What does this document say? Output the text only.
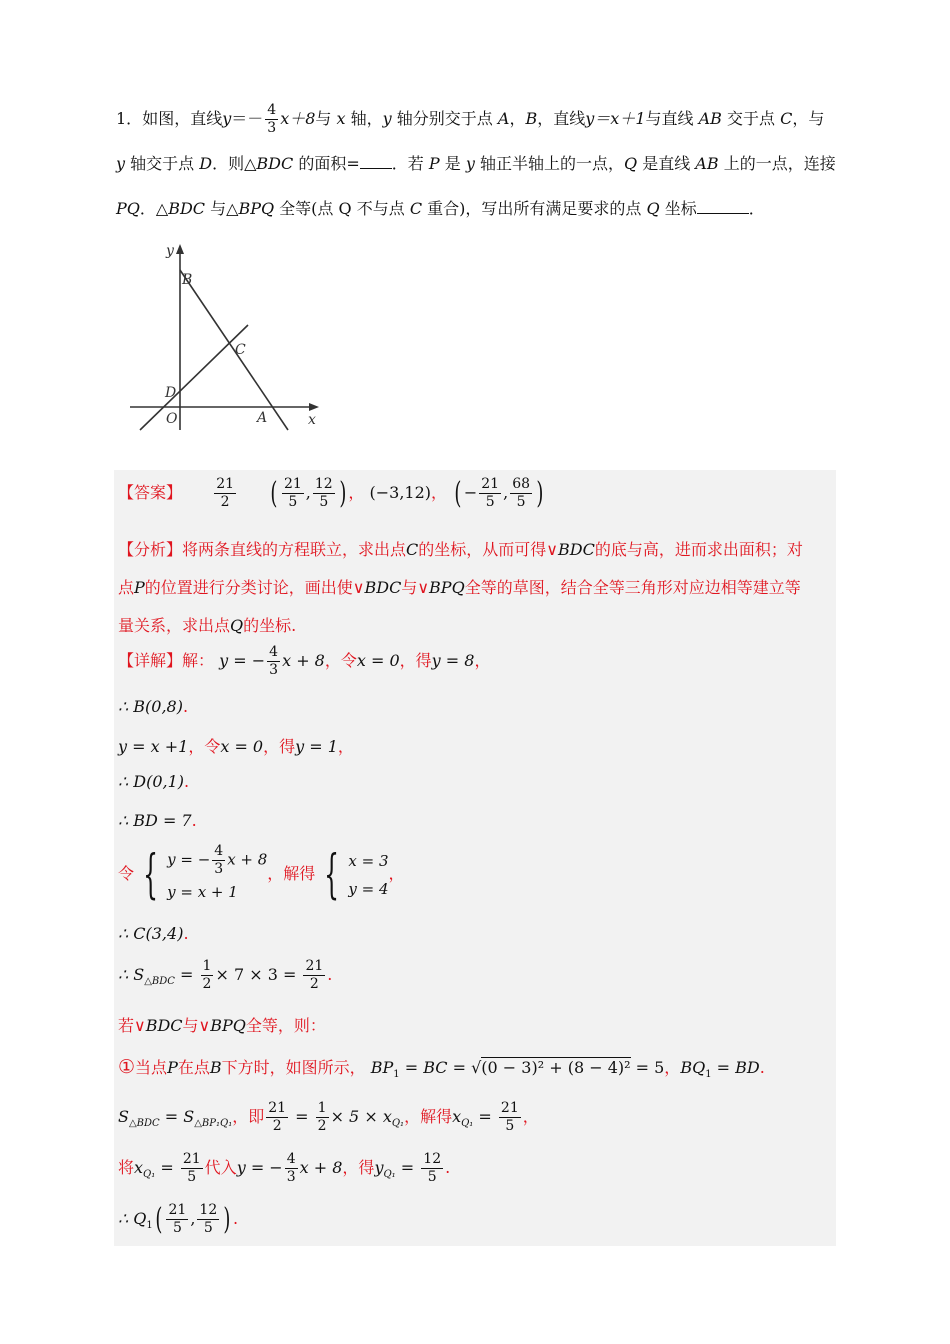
1．如图，直线$y=- \frac{4}{3} x+8$与 x 轴，y 轴分别交于点 A，B，直线y＝x＋1与直线 AB 交于点 C，与
y 轴交于点 D．则△BDC 的面积= ．若 P 是 y 轴正半轴上的一点，Q 是直线 AB 上的一点，连接
PQ．△BDC 与△BPQ 全等(点 Q 不与点 C 重合)，写出所有满足要求的点 Q 坐标	．
y
x
B
C
D
O	A
【答案】 $\frac{21}{2}$ ( $\frac{21}{5}$ , $\frac{12}{5}$ ) ， (−3,12)， ( − $\frac{21}{5}$ , $\frac{68}{5}$ )
【分析】将两条直线的方程联立，求出点C的坐标，从而可得∨BDC的底与高，进而求出面积；对
点P的位置进行分类讨论，画出使∨BDC与∨BPQ全等的草图，结合全等三角形对应边相等建立等
量关系，求出点Q的坐标.
【详解】解： y = − $\frac{4}{3}$ x + 8，令x = 0，得y = 8，
∴ B(0,8).
y = x +1，令x = 0，得y = 1，
∴ D(0,1).
∴ BD = 7.
令 { y = − $\frac{4}{3}$ x + 8
y = x + 1
，解得 { x = 3
y = 4
，
∴ C(3,4).
∴ $S_{\triangle BDC} = \frac{1}{2} \times 7 \times 3 = \frac{21}{2}$ .
若∨BDC与∨BPQ全等，则：
①当点P在点B下方时，如图所示， $BP_1$ = BC = √(0 − 3)² + (8 − 4)² = 5，$BQ_1$ = BD.
$S_{\triangle BDC} = S_{\triangle BP_1Q_1}$，即 $\frac{21}{2} = \frac{1}{2} \times 5 \times x_{Q_1}$，解得$x_{Q_1} = \frac{21}{5}$ ，
将$x_{Q_1} = \frac{21}{5}$ 代入y = − $\frac{4}{3}$ x + 8，得$y_{Q_1} = \frac{12}{5}$ .
∴ $Q_1( \frac{21}{5}$ , $\frac{12}{5}$ ) .
